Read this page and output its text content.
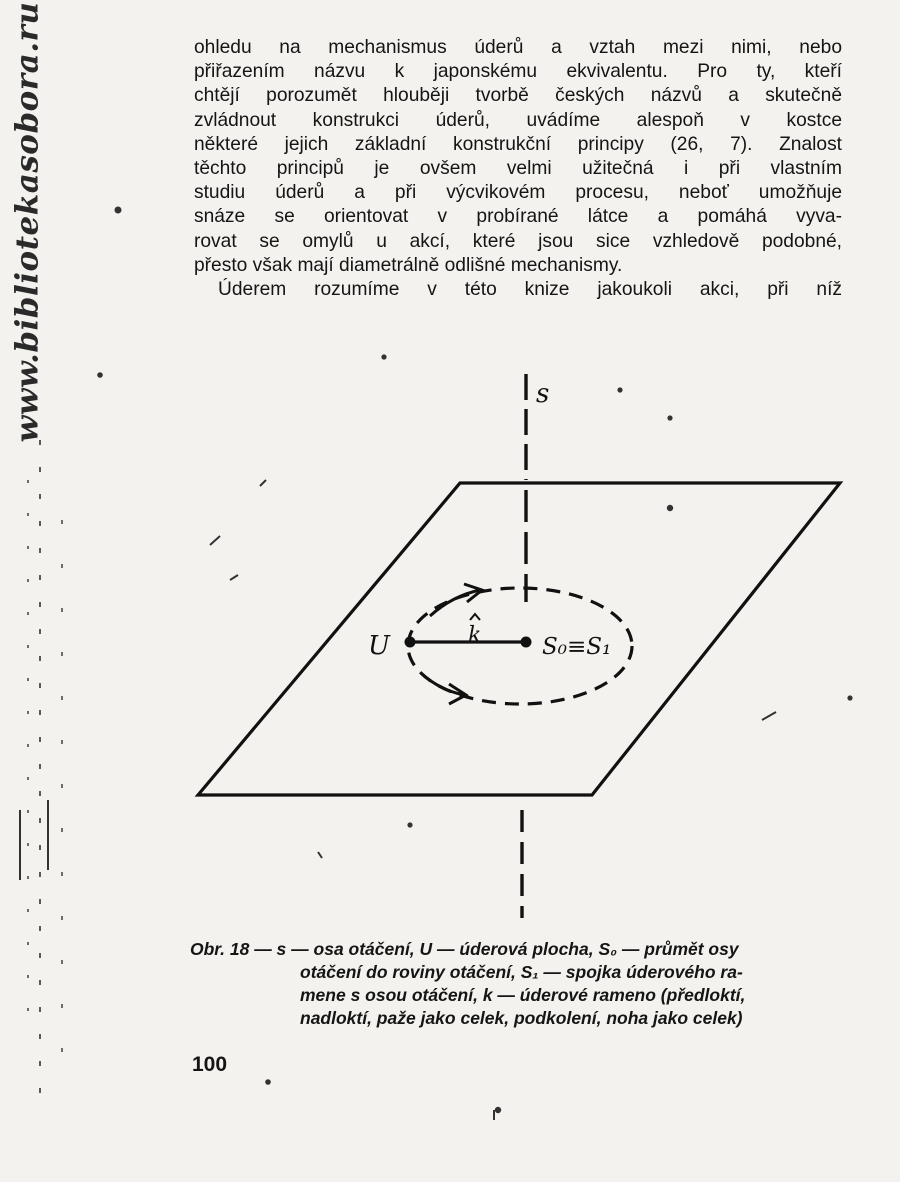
www.bibliotekasobora.ru	ohledu na mechanismus úderů a vztah mezi nimi, nebo
přiřazením názvu k japonskému ekvivalentu. Pro ty, kteří
chtějí porozumět hlouběji tvorbě českých názvů a skutečně
zvládnout konstrukci úderů, uvádíme alespoň v kostce
některé jejich základní konstrukční principy (26, 7). Znalost
těchto principů je ovšem velmi užitečná i při vlastním
studiu úderů a při výcvikovém procesu, neboť umožňuje
snáze se orientovat v probírané látce a pomáhá vyva-
rovat se omylů u akcí, které jsou sice vzhledově podobné,
přesto však mají diametrálně odlišné mechanismy.
Úderem rozumíme v této knize jakoukoli akci, při níž
s
k
U	S₀≡S₁
Obr. 18 — s — osa otáčení, U — úderová plocha, S₀ — průmět osy
otáčení do roviny otáčení, S₁ — spojka úderového ra-
mene s osou otáčení, k — úderové rameno (předloktí,
nadloktí, paže jako celek, podkolení, noha jako celek)
100
